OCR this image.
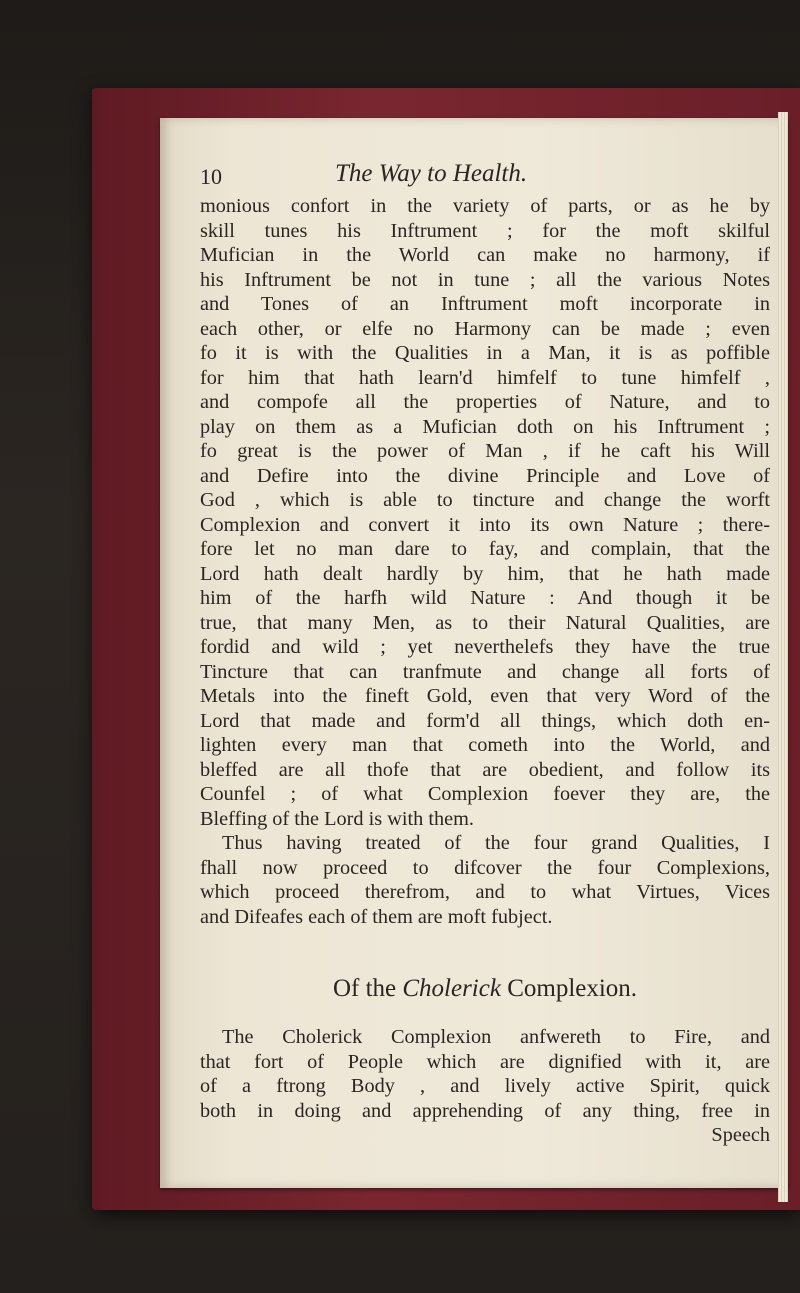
10	The Way to Health.
monious confort in the variety of parts, or as he by
skill tunes his Inftrument ; for the moft skilful
Mufician in the World can make no harmony, if
his Inftrument be not in tune ; all the various Notes
and Tones of an Inftrument moft incorporate in
each other, or elfe no Harmony can be made ; even
fo it is with the Qualities in a Man, it is as poffible
for him that hath learn'd himfelf to tune himfelf ,
and compofe all the properties of Nature, and to
play on them as a Mufician doth on his Inftrument ;
fo great is the power of Man , if he caft his Will
and Defire into the divine Principle and Love of
God , which is able to tincture and change the worft
Complexion and convert it into its own Nature ; there-
fore let no man dare to fay, and complain, that the
Lord hath dealt hardly by him, that he hath made
him of the harfh wild Nature : And though it be
true, that many Men, as to their Natural Qualities, are
fordid and wild ; yet neverthelefs they have the true
Tincture that can tranfmute and change all forts of
Metals into the fineft Gold, even that very Word of the
Lord that made and form'd all things, which doth en-
lighten every man that cometh into the World, and
bleffed are all thofe that are obedient, and follow its
Counfel ; of what Complexion foever they are, the
Bleffing of the Lord is with them.
Thus having treated of the four grand Qualities, I
fhall now proceed to difcover the four Complexions,
which proceed therefrom, and to what Virtues, Vices
and Difeafes each of them are moft fubject.
Of the Cholerick Complexion.
The Cholerick Complexion anfwereth to Fire, and
that fort of People which are dignified with it, are
of a ftrong Body , and lively active Spirit, quick
both in doing and apprehending of any thing, free in
Speech
